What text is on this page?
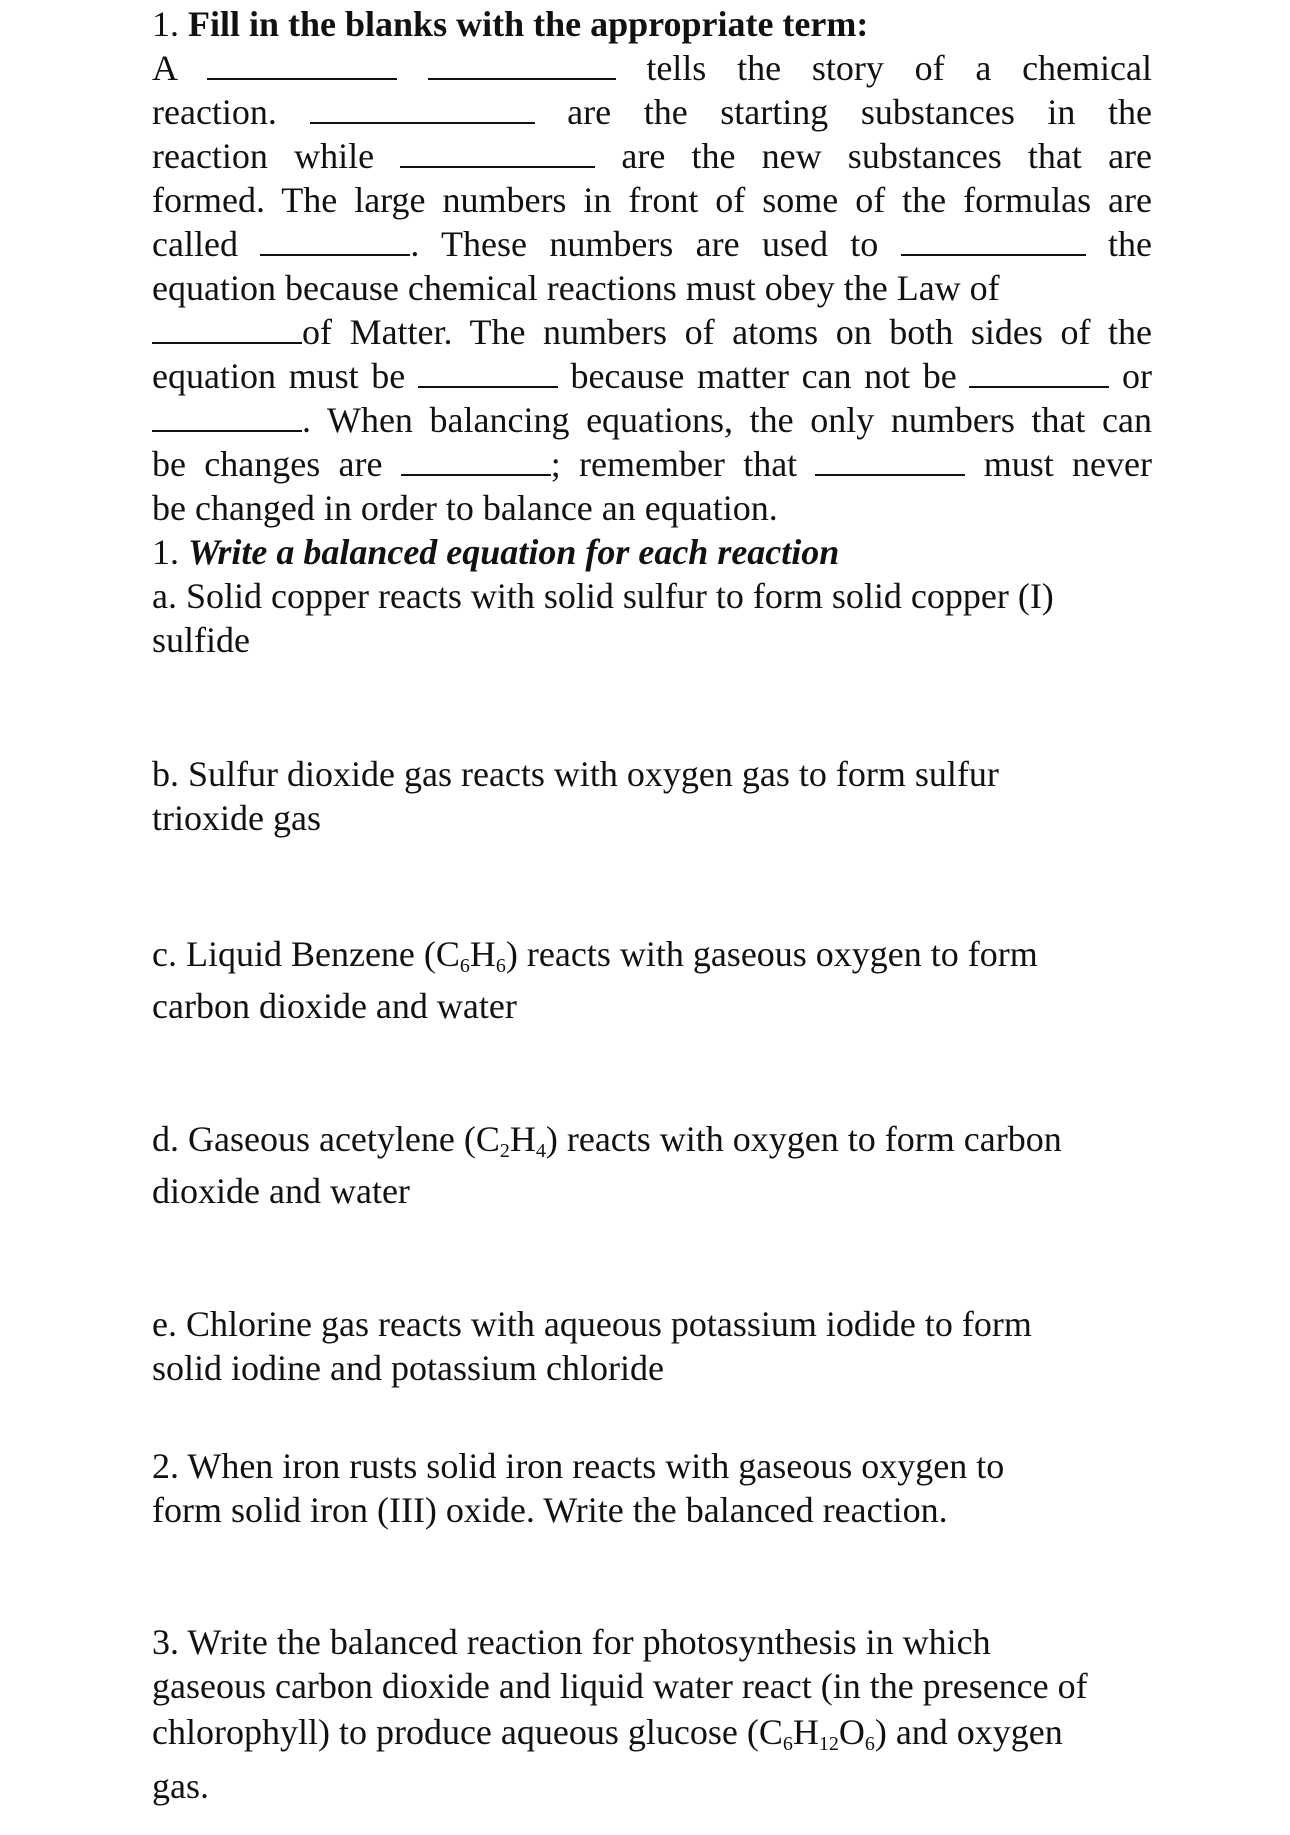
1. Fill in the blanks with the appropriate term:
A	tells the story of a chemical
reaction.	are the starting substances in the
reaction while	are the new substances that are
formed. The large numbers in front of some of the formulas are
called	. These numbers are used to	the
equation because chemical reactions must obey the Law of
of Matter. The numbers of atoms on both sides of the
equation must be	because matter can not be	or
. When balancing equations, the only numbers that can
be changes are	; remember that	must never
be changed in order to balance an equation.
1. Write a balanced equation for each reaction
a. Solid copper reacts with solid sulfur to form solid copper (I)
sulfide
b. Sulfur dioxide gas reacts with oxygen gas to form sulfur
trioxide gas
c. Liquid Benzene $(C_6H_6)$ reacts with gaseous oxygen to form
carbon dioxide and water
d. Gaseous acetylene $(C_2H_4)$ reacts with oxygen to form carbon
dioxide and water
e. Chlorine gas reacts with aqueous potassium iodide to form
solid iodine and potassium chloride
2. When iron rusts solid iron reacts with gaseous oxygen to
form solid iron (III) oxide. Write the balanced reaction.
3. Write the balanced reaction for photosynthesis in which
gaseous carbon dioxide and liquid water react (in the presence of
chlorophyll) to produce aqueous glucose $(C_6H_{12}O_6)$ and oxygen
gas.
